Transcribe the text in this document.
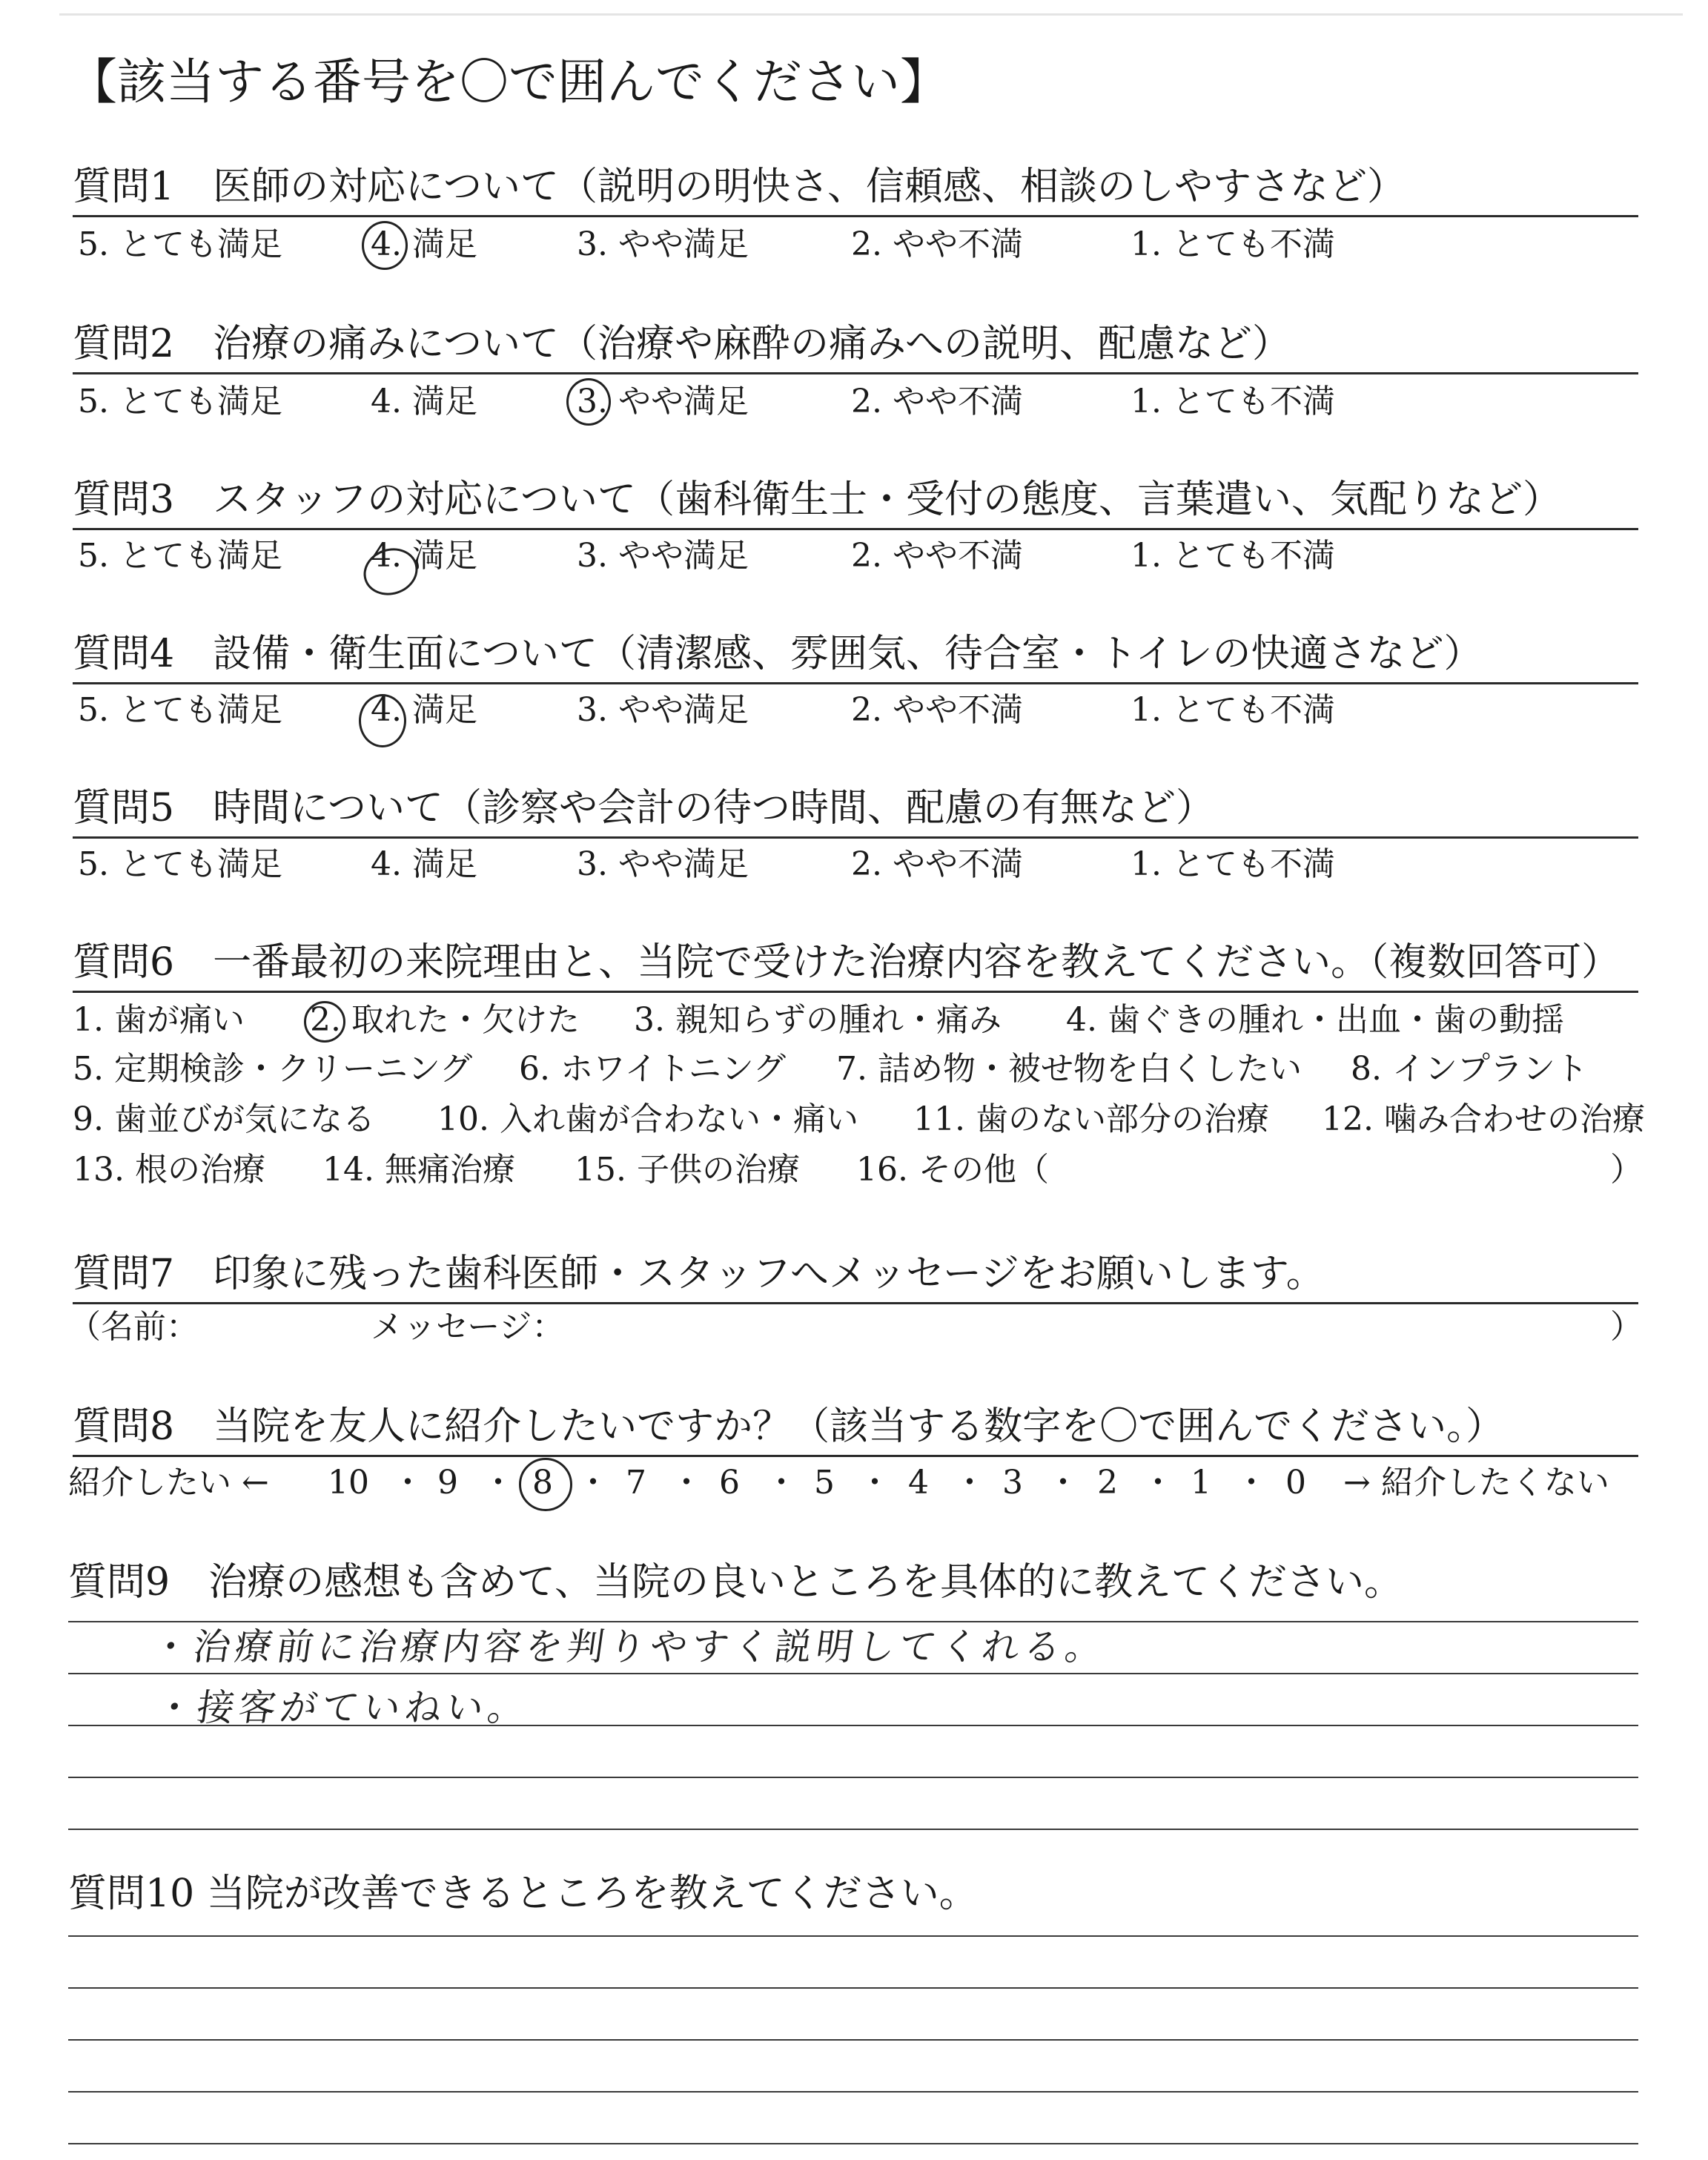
【該当する番号を〇で囲んでください】
質問1　医師の対応について（説明の明快さ、信頼感、相談のしやすさなど）
5. とても満足	4. 満足	3. やや満足	2. やや不満	1. とても不満
質問2　治療の痛みについて（治療や麻酔の痛みへの説明、配慮など）
5. とても満足	4. 満足	3. やや満足	2. やや不満	1. とても不満
質問3　スタッフの対応について（歯科衛生士・受付の態度、言葉遣い、気配りなど）
5. とても満足	4. 満足	3. やや満足	2. やや不満	1. とても不満
質問4　設備・衛生面について（清潔感、雰囲気、待合室・トイレの快適さなど）
5. とても満足	4. 満足	3. やや満足	2. やや不満	1. とても不満
質問5　時間について（診察や会計の待つ時間、配慮の有無など）
5. とても満足	4. 満足	3. やや満足	2. やや不満	1. とても不満
質問6　一番最初の来院理由と、当院で受けた治療内容を教えてください。（複数回答可）
1. 歯が痛い 2. 取れた・欠けた 3. 親知らずの腫れ・痛み 4. 歯ぐきの腫れ・出血・歯の動揺
5. 定期検診・クリーニング 6. ホワイトニング 7. 詰め物・被せ物を白くしたい 8. インプラント
9. 歯並びが気になる 10. 入れ歯が合わない・痛い 11. 歯のない部分の治療 12. 噛み合わせの治療
13. 根の治療 14. 無痛治療 15. 子供の治療 16. その他（	）
質問7　印象に残った歯科医師・スタッフへメッセージをお願いします。
（名前：	メッセージ：	）
質問8　当院を友人に紹介したいですか？（該当する数字を〇で囲んでください。）
紹介したい ← 10 ・ 9 ・ 8 ・ 7 ・ 6 ・ 5 ・ 4 ・ 3 ・ 2 ・ 1 ・ 0 → 紹介したくない
質問9　治療の感想も含めて、当院の良いところを具体的に教えてください。
・治療前に治療内容を判りやすく説明してくれる。
・接客がていねい。
質問10 当院が改善できるところを教えてください。
